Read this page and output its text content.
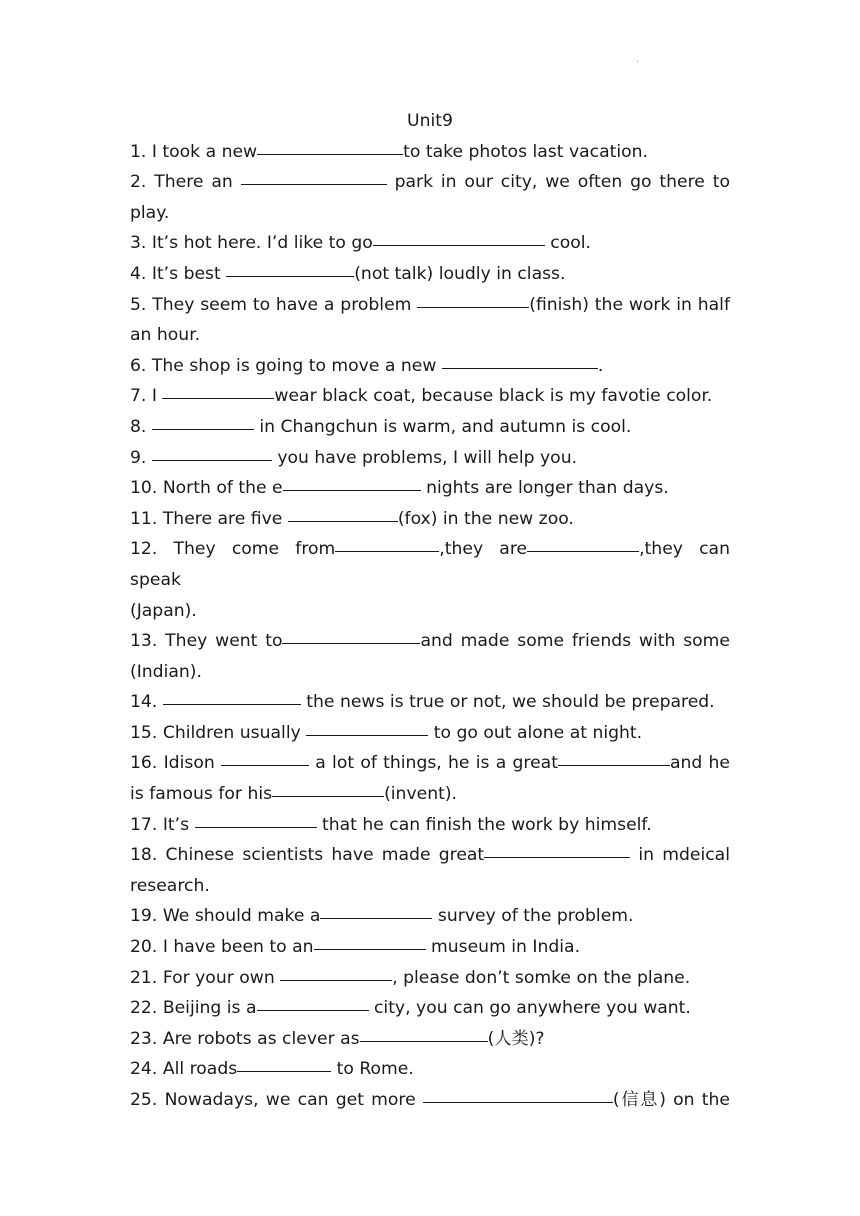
·
Unit9

1. I took a new	to take photos last vacation.

2. There an	park in our city, we often go there to
play.

3. It’s hot here. I’d like to go	cool.

4. It’s best	(not talk) loudly in class.

5. They seem to have a problem	(finish) the work in half
an hour.

6. The shop is going to move a new	.

7. I	wear black coat, because black is my favotie color.

8.	in Changchun is warm, and autumn is cool.

9.	you have problems, I will help you.

10. North of the e	nights are longer than days.

11. There are five	(fox) in the new zoo.

12. They come from	,they are	,they can speak
(Japan).

13. They went to	and made some friends with some
(Indian).

14.	the news is true or not, we should be prepared.

15. Children usually	to go out alone at night.

16. Idison	a lot of things, he is a great	and he
is famous for his	(invent).

17. It’s	that he can finish the work by himself.

18. Chinese scientists have made great	in mdeical
research.

19. We should make a	survey of the problem.

20. I have been to an	museum in India.

21. For your own	, please don’t somke on the plane.

22. Beijing is a	city, you can go anywhere you want.

23. Are robots as clever as	(人类)?

24. All roads	to Rome.

25. Nowadays, we can get more	(信息) on the
